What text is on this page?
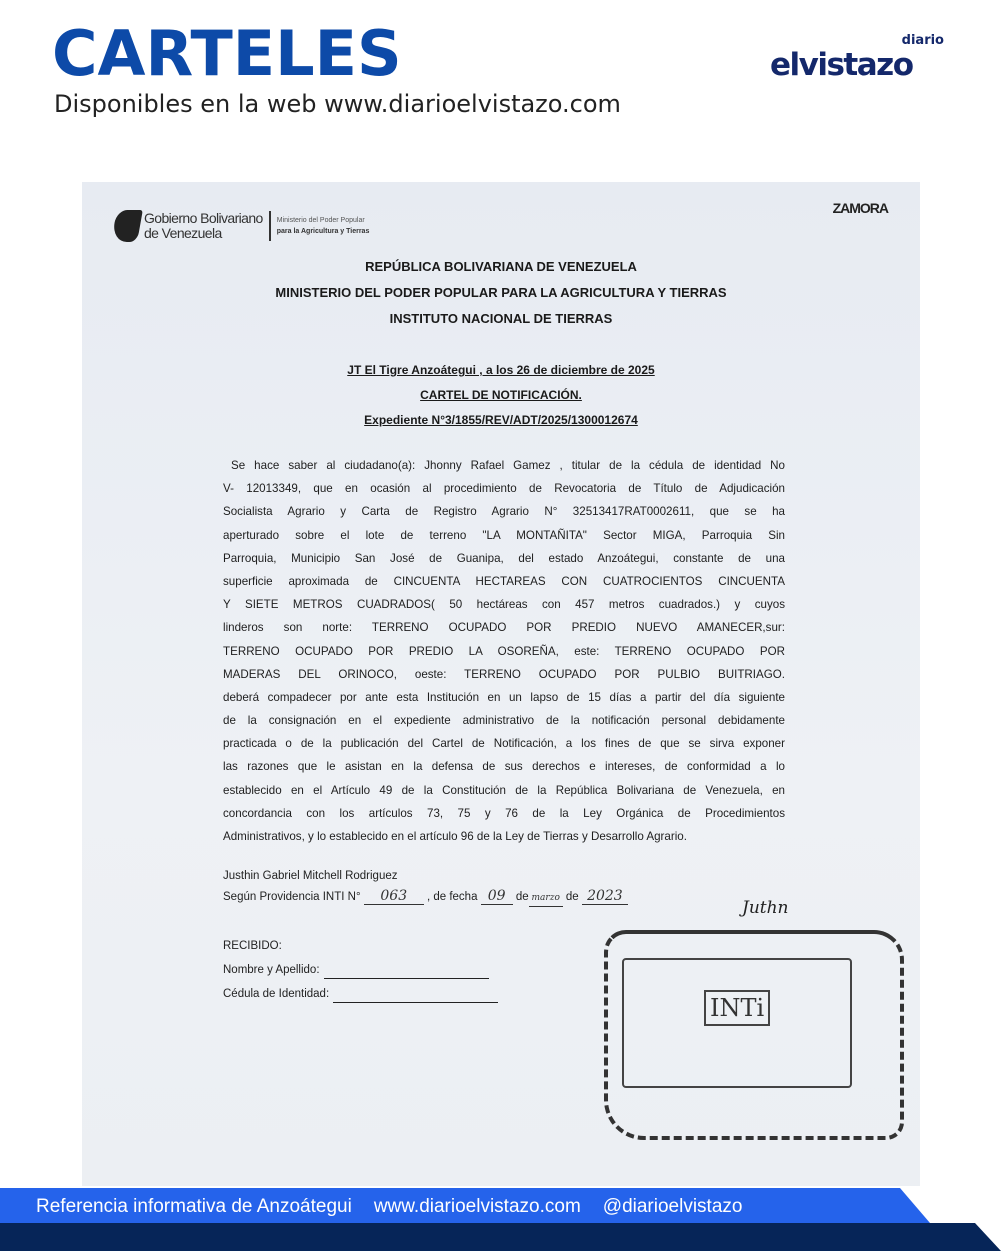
CARTELES
Disponibles en la web www.diarioelvistazo.com
diario
elvistazo
Gobierno Bolivariano
de Venezuela
Ministerio del Poder Popular
para la Agricultura y Tierras
ZAMORA
REPÚBLICA BOLIVARIANA DE VENEZUELA
MINISTERIO DEL PODER POPULAR PARA LA AGRICULTURA Y TIERRAS
INSTITUTO NACIONAL DE TIERRAS
JT El Tigre Anzoátegui , a los 26 de diciembre de 2025
CARTEL DE NOTIFICACIÓN.
Expediente N°3/1855/REV/ADT/2025/1300012674
Se hace saber al ciudadano(a): Jhonny Rafael Gamez , titular de la cédula de identidad No
V- 12013349, que en ocasión al procedimiento de Revocatoria de Título de Adjudicación
Socialista Agrario y Carta de Registro Agrario N° 32513417RAT0002611, que se ha
aperturado sobre el lote de terreno "LA MONTAÑITA" Sector MIGA, Parroquia Sin
Parroquia, Municipio San José de Guanipa, del estado Anzoátegui, constante de una
superficie aproximada de CINCUENTA HECTAREAS CON CUATROCIENTOS CINCUENTA
Y SIETE METROS CUADRADOS( 50 hectáreas con 457 metros cuadrados.) y cuyos
linderos son norte: TERRENO OCUPADO POR PREDIO NUEVO AMANECER,sur:
TERRENO OCUPADO POR PREDIO LA OSOREÑA, este: TERRENO OCUPADO POR
MADERAS DEL ORINOCO, oeste: TERRENO OCUPADO POR PULBIO BUITRIAGO.
deberá compadecer por ante esta Institución en un lapso de 15 días a partir del día siguiente
de la consignación en el expediente administrativo de la notificación personal debidamente
practicada o de la publicación del Cartel de Notificación, a los fines de que se sirva exponer
las razones que le asistan en la defensa de sus derechos e intereses, de conformidad a lo
establecido en el Artículo 49 de la Constitución de la República Bolivariana de Venezuela, en
concordancia con los artículos 73, 75 y 76 de la Ley Orgánica de Procedimientos
Administrativos, y lo establecido en el artículo 96 de la Ley de Tierras y Desarrollo Agrario.
Justhin Gabriel Mitchell Rodriguez
Según Providencia INTI N° 063 , de fecha 09 de marzo de 2023
Juthn
RECIBIDO:
Nombre y Apellido:
Cédula de Identidad:	INTi
Referencia informativa de Anzoátegui www.diarioelvistazo.com @diarioelvistazo
